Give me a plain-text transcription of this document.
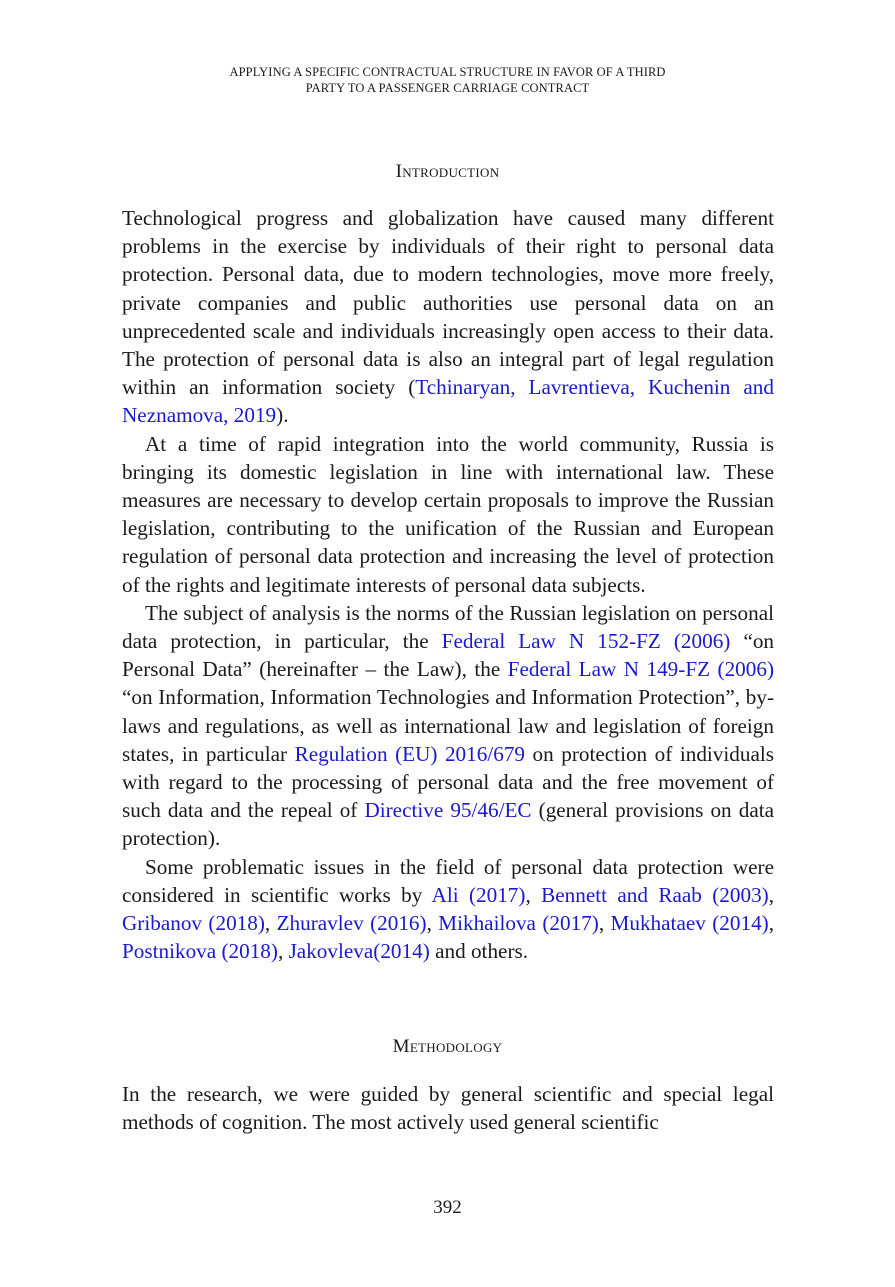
APPLYING A SPECIFIC CONTRACTUAL STRUCTURE IN FAVOR OF A THIRD
PARTY TO A PASSENGER CARRIAGE CONTRACT
Introduction

Technological progress and globalization have caused many different problems in the exercise by individuals of their right to personal data protection. Personal data, due to modern technologies, move more freely, private companies and public authorities use personal data on an unprecedented scale and individuals increasingly open access to their data. The protection of personal data is also an integral part of legal regulation within an information society (Tchinaryan, Lavrentieva, Kuchenin and Neznamova, 2019).

At a time of rapid integration into the world community, Russia is bringing its domestic legislation in line with international law. These measures are necessary to develop certain proposals to improve the Russian legislation, contributing to the unification of the Russian and European regulation of personal data protection and increasing the level of protection of the rights and legitimate interests of personal data subjects.

The subject of analysis is the norms of the Russian legislation on personal data protection, in particular, the Federal Law N 152-FZ (2006) “on Personal Data” (hereinafter – the Law), the Federal Law N 149-FZ (2006) “on Information, Information Technologies and Information Protection”, by-laws and regulations, as well as international law and legislation of foreign states, in particular Regulation (EU) 2016/679 on protection of individuals with regard to the processing of personal data and the free movement of such data and the repeal of Directive 95/46/EC (general provisions on data protection).

Some problematic issues in the field of personal data protection were considered in scientific works by Ali (2017), Bennett and Raab (2003), Gribanov (2018), Zhuravlev (2016), Mikhailova (2017), Mukhataev (2014), Postnikova (2018), Jakovleva(2014) and others.

Methodology

In the research, we were guided by general scientific and special legal methods of cognition. The most actively used general scientific

392
